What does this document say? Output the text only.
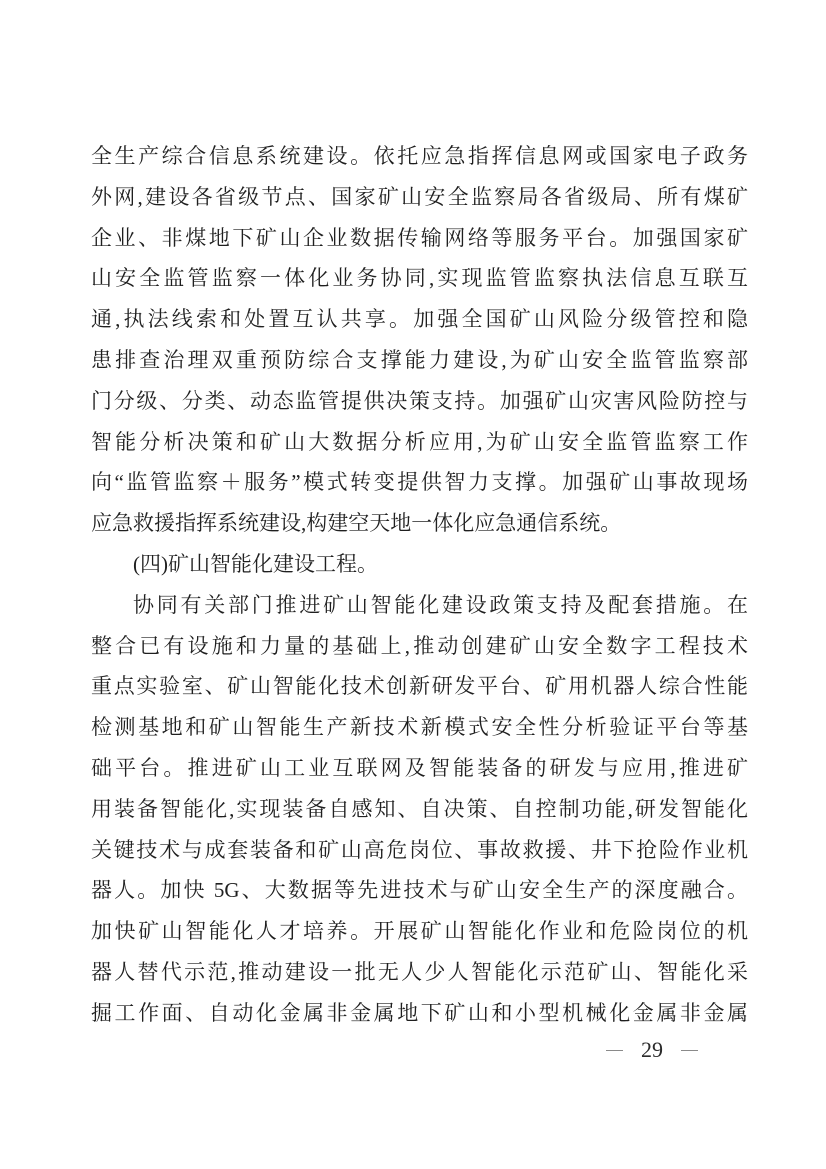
全生产综合信息系统建设。依托应急指挥信息网或国家电子政务
外网,建设各省级节点、国家矿山安全监察局各省级局、所有煤矿
企业、非煤地下矿山企业数据传输网络等服务平台。加强国家矿
山安全监管监察一体化业务协同,实现监管监察执法信息互联互
通,执法线索和处置互认共享。加强全国矿山风险分级管控和隐
患排查治理双重预防综合支撑能力建设,为矿山安全监管监察部
门分级、分类、动态监管提供决策支持。加强矿山灾害风险防控与
智能分析决策和矿山大数据分析应用,为矿山安全监管监察工作
向“监管监察＋服务”模式转变提供智力支撑。加强矿山事故现场
应急救援指挥系统建设,构建空天地一体化应急通信系统。
(四)矿山智能化建设工程。
协同有关部门推进矿山智能化建设政策支持及配套措施。在
整合已有设施和力量的基础上,推动创建矿山安全数字工程技术
重点实验室、矿山智能化技术创新研发平台、矿用机器人综合性能
检测基地和矿山智能生产新技术新模式安全性分析验证平台等基
础平台。推进矿山工业互联网及智能装备的研发与应用,推进矿
用装备智能化,实现装备自感知、自决策、自控制功能,研发智能化
关键技术与成套装备和矿山高危岗位、事故救援、井下抢险作业机
器人。加快 5G、大数据等先进技术与矿山安全生产的深度融合。
加快矿山智能化人才培养。开展矿山智能化作业和危险岗位的机
器人替代示范,推动建设一批无人少人智能化示范矿山、智能化采
掘工作面、自动化金属非金属地下矿山和小型机械化金属非金属
29
